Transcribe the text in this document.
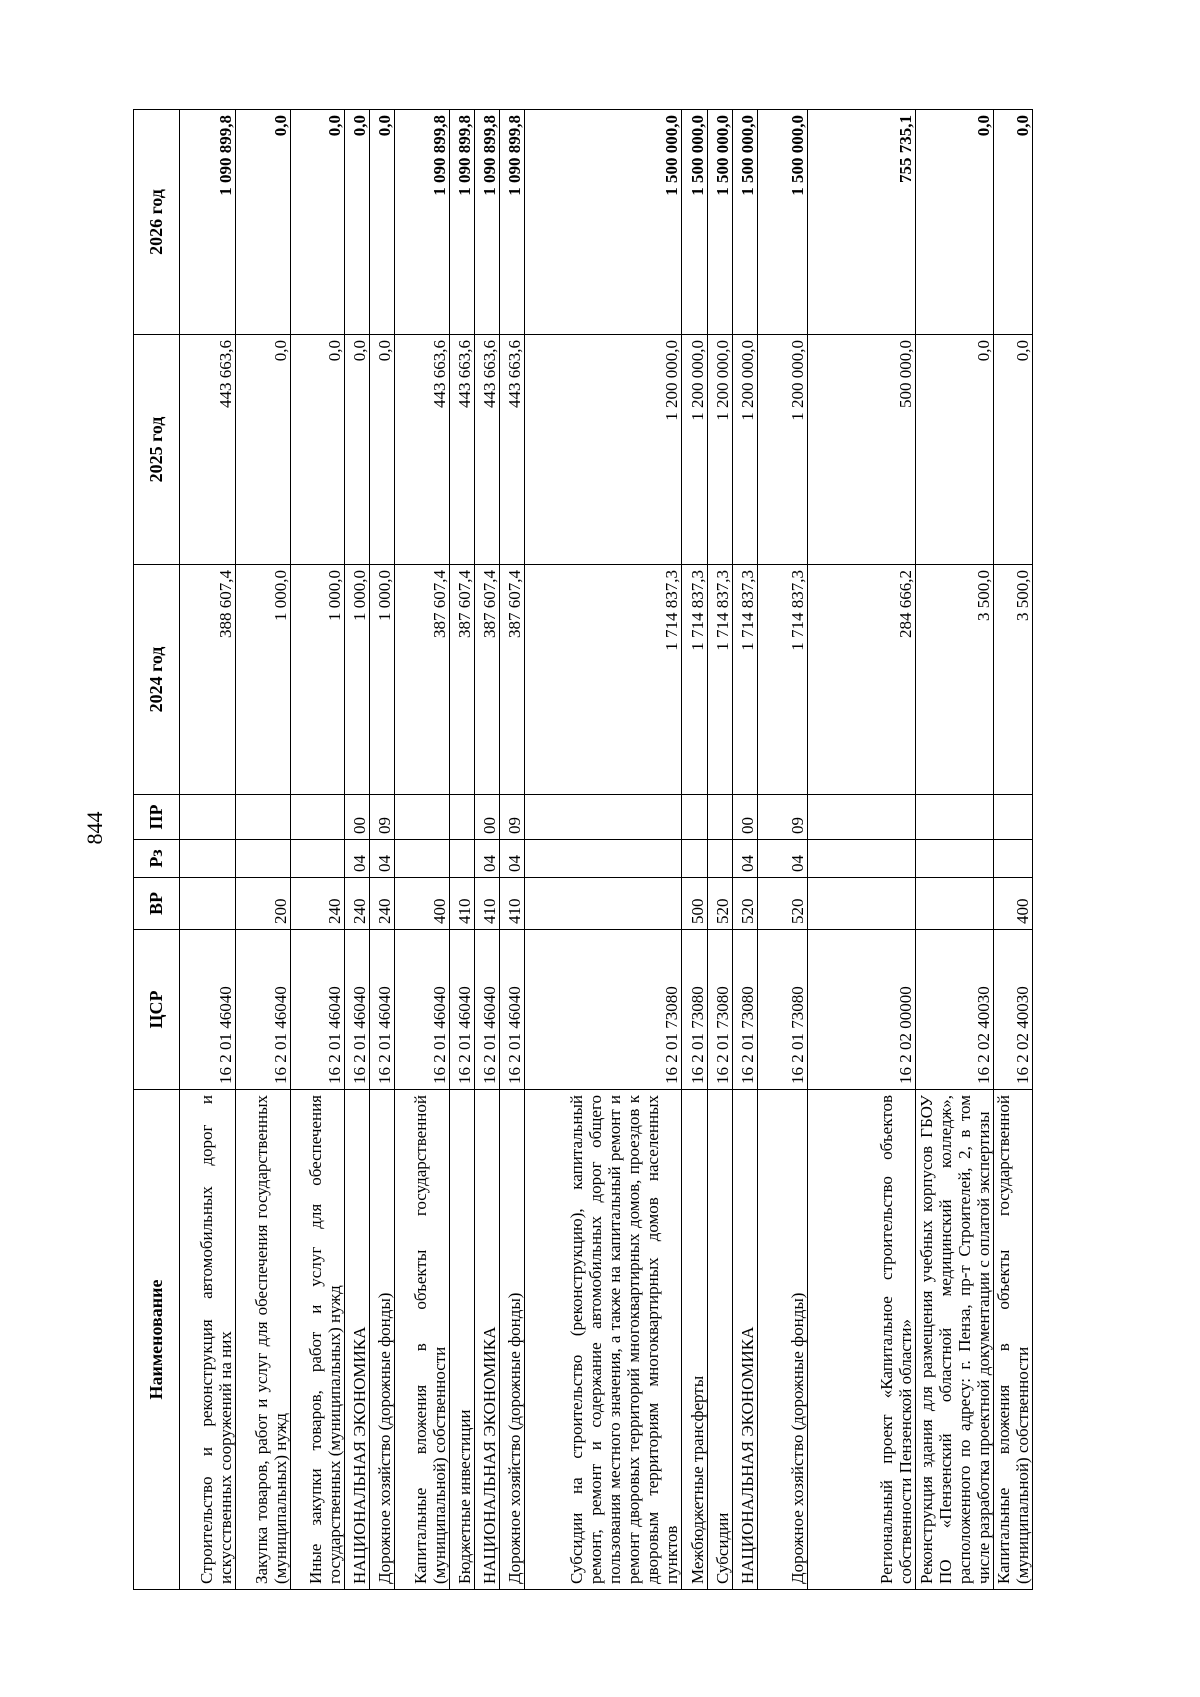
844
Наименование	ЦСР	ВР	Рз	ПР	2024 год	2025 год	2026 год
Строительство и реконструкция автомобильных дорог и искусственных сооружений на них	16 2 01 46040				388 607,4	443 663,6	1 090 899,8
Закупка товаров, работ и услуг для обеспечения государственных (муниципальных) нужд	16 2 01 46040	200			1 000,0	0,0	0,0
Иные закупки товаров, работ и услуг для обеспечения государственных (муниципальных) нужд	16 2 01 46040	240			1 000,0	0,0	0,0
НАЦИОНАЛЬНАЯ ЭКОНОМИКА	16 2 01 46040	240	04	00	1 000,0	0,0	0,0
Дорожное хозяйство (дорожные фонды)	16 2 01 46040	240	04	09	1 000,0	0,0	0,0
Капитальные вложения в объекты государственной (муниципальной) собственности	16 2 01 46040	400			387 607,4	443 663,6	1 090 899,8
Бюджетные инвестиции	16 2 01 46040	410			387 607,4	443 663,6	1 090 899,8
НАЦИОНАЛЬНАЯ ЭКОНОМИКА	16 2 01 46040	410	04	00	387 607,4	443 663,6	1 090 899,8
Дорожное хозяйство (дорожные фонды)	16 2 01 46040	410	04	09	387 607,4	443 663,6	1 090 899,8
Субсидии на строительство (реконструкцию), капитальный ремонт, ремонт и содержание автомобильных дорог общего пользования местного значения, а также на капитальный ремонт и ремонт дворовых территорий многоквартирных домов, проездов к дворовым территориям многоквартирных домов населенных пунктов	16 2 01 73080				1 714 837,3	1 200 000,0	1 500 000,0
Межбюджетные трансферты	16 2 01 73080	500			1 714 837,3	1 200 000,0	1 500 000,0
Субсидии	16 2 01 73080	520			1 714 837,3	1 200 000,0	1 500 000,0
НАЦИОНАЛЬНАЯ ЭКОНОМИКА	16 2 01 73080	520	04	00	1 714 837,3	1 200 000,0	1 500 000,0
Дорожное хозяйство (дорожные фонды)	16 2 01 73080	520	04	09	1 714 837,3	1 200 000,0	1 500 000,0
Региональный проект «Капитальное строительство объектов собственности Пензенской области»	16 2 02 00000				284 666,2	500 000,0	755 735,1
Реконструкция здания для размещения учебных корпусов ГБОУ ПО «Пензенский областной медицинский колледж», расположенного по адресу: г. Пенза, пр-т Строителей, 2, в том числе разработка проектной документации с оплатой экспертизы	16 2 02 40030				3 500,0	0,0	0,0
Капитальные вложения в объекты государственной (муниципальной) собственности	16 2 02 40030	400			3 500,0	0,0	0,0
